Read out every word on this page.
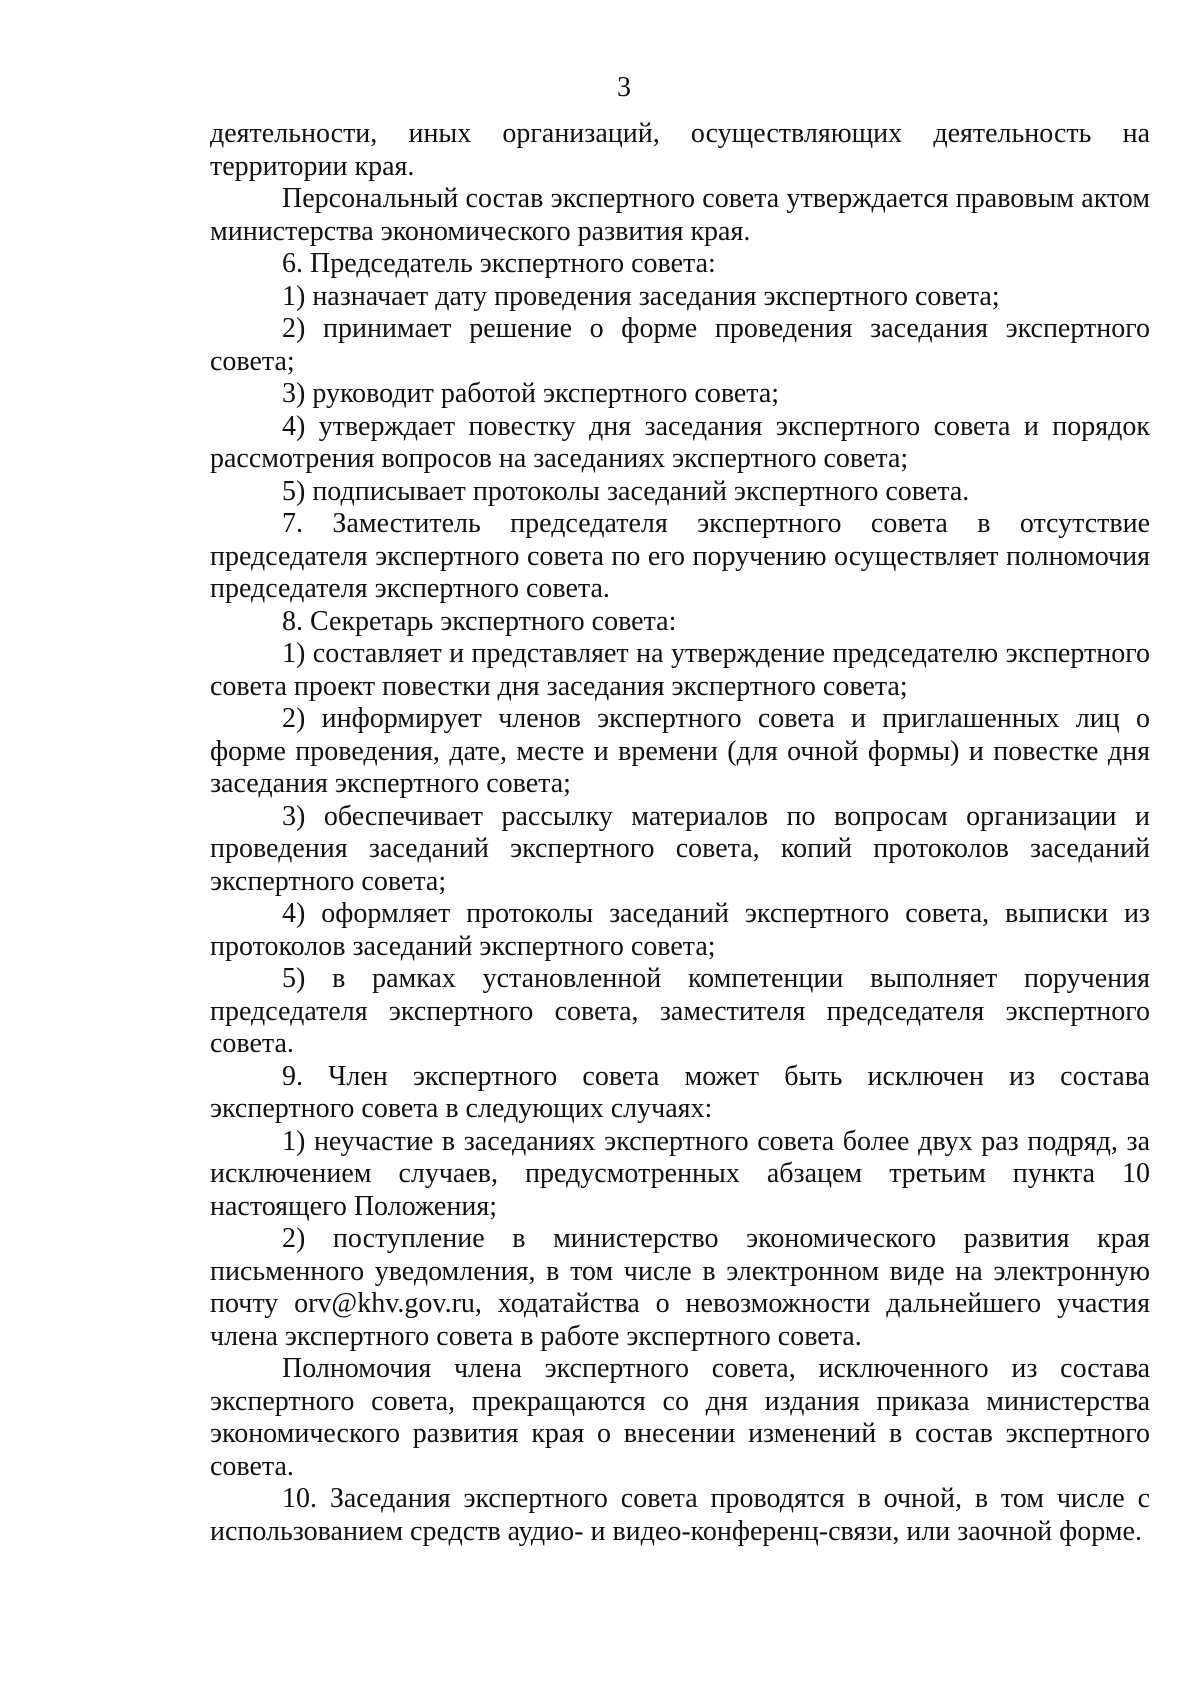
3

деятельности, иных организаций, осуществляющих деятельность на территории края.

Персональный состав экспертного совета утверждается правовым актом министерства экономического развития края.

6. Председатель экспертного совета:

1) назначает дату проведения заседания экспертного совета;

2) принимает решение о форме проведения заседания экспертного совета;

3) руководит работой экспертного совета;

4) утверждает повестку дня заседания экспертного совета и порядок рассмотрения вопросов на заседаниях экспертного совета;

5) подписывает протоколы заседаний экспертного совета.

7. Заместитель председателя экспертного совета в отсутствие председателя экспертного совета по его поручению осуществляет полномочия председателя экспертного совета.

8. Секретарь экспертного совета:

1) составляет и представляет на утверждение председателю экспертного совета проект повестки дня заседания экспертного совета;

2) информирует членов экспертного совета и приглашенных лиц о форме проведения, дате, месте и времени (для очной формы) и повестке дня заседания экспертного совета;

3) обеспечивает рассылку материалов по вопросам организации и проведения заседаний экспертного совета, копий протоколов заседаний экспертного совета;

4) оформляет протоколы заседаний экспертного совета, выписки из протоколов заседаний экспертного совета;

5) в рамках установленной компетенции выполняет поручения председателя экспертного совета, заместителя председателя экспертного совета.

9. Член экспертного совета может быть исключен из состава экспертного совета в следующих случаях:

1) неучастие в заседаниях экспертного совета более двух раз подряд, за исключением случаев, предусмотренных абзацем третьим пункта 10 настоящего Положения;

2) поступление в министерство экономического развития края письменного уведомления, в том числе в электронном виде на электронную почту orv@khv.gov.ru, ходатайства о невозможности дальнейшего участия члена экспертного совета в работе экспертного совета.

Полномочия члена экспертного совета, исключенного из состава экспертного совета, прекращаются со дня издания приказа министерства экономического развития края о внесении изменений в состав экспертного совета.

10. Заседания экспертного совета проводятся в очной, в том числе с использованием средств аудио- и видео-конференц-связи, или заочной форме.
